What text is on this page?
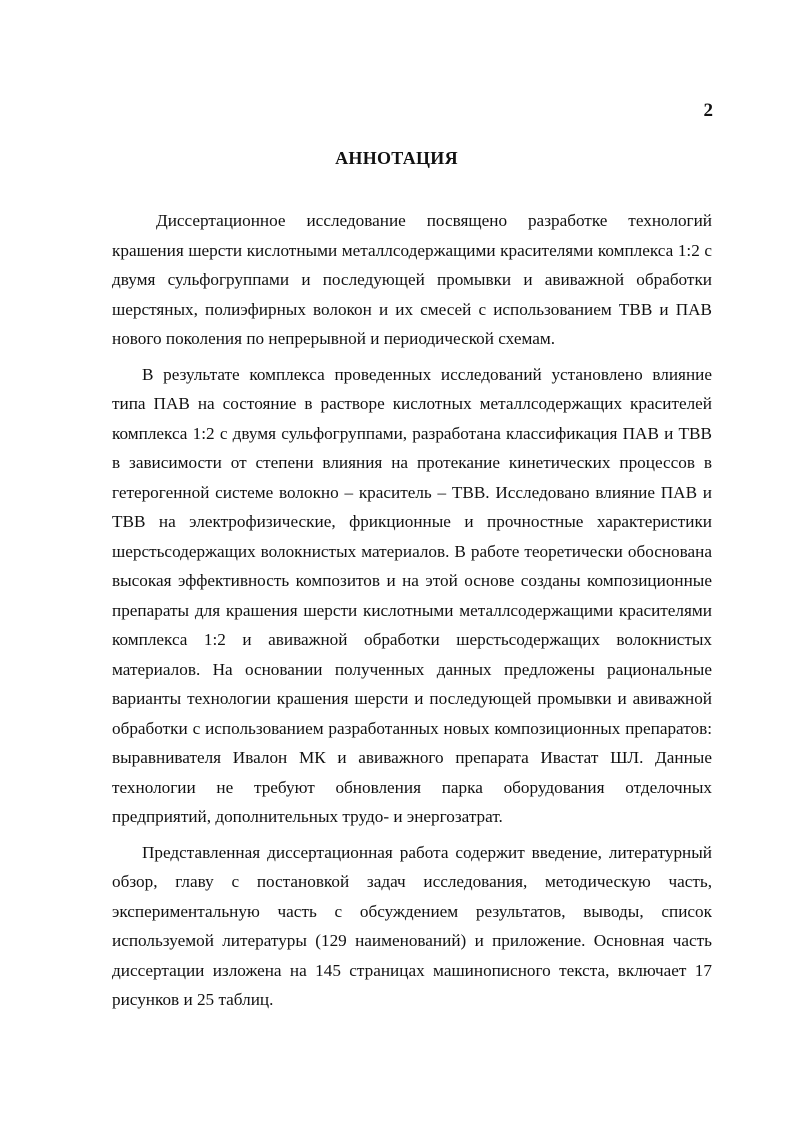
2
АННОТАЦИЯ

Диссертационное исследование посвящено разработке технологий крашения шерсти кислотными металлсодержащими красителями комплекса 1:2 с двумя сульфогруппами и последующей промывки и авиважной обработки шерстяных, полиэфирных волокон и их смесей с использованием ТВВ и ПАВ нового поколения по непрерывной и периодической схемам.

В результате комплекса проведенных исследований установлено влияние типа ПАВ на состояние в растворе кислотных металлсодержащих красителей комплекса 1:2 с двумя сульфогруппами, разработана классификация ПАВ и ТВВ в зависимости от степени влияния на протекание кинетических процессов в гетерогенной системе волокно – краситель – ТВВ. Исследовано влияние ПАВ и ТВВ на электрофизические, фрикционные и прочностные характеристики шерстьсодержащих волокнистых материалов. В работе теоретически обоснована высокая эффективность композитов и на этой основе созданы композиционные препараты для крашения шерсти кислотными металлсодержащими красителями комплекса 1:2 и авиважной обработки шерстьсодержащих волокнистых материалов. На основании полученных данных предложены рациональные варианты технологии крашения шерсти и последующей промывки и авиважной обработки с использованием разработанных новых композиционных препаратов: выравнивателя Ивалон МК и авиважного препарата Ивастат ШЛ. Данные технологии не требуют обновления парка оборудования отделочных предприятий, дополнительных трудо- и энергозатрат.

Представленная диссертационная работа содержит введение, литературный обзор, главу с постановкой задач исследования, методическую часть, экспериментальную часть с обсуждением результатов, выводы, список используемой литературы (129 наименований) и приложение. Основная часть диссертации изложена на 145 страницах машинописного текста, включает 17 рисунков и 25 таблиц.
